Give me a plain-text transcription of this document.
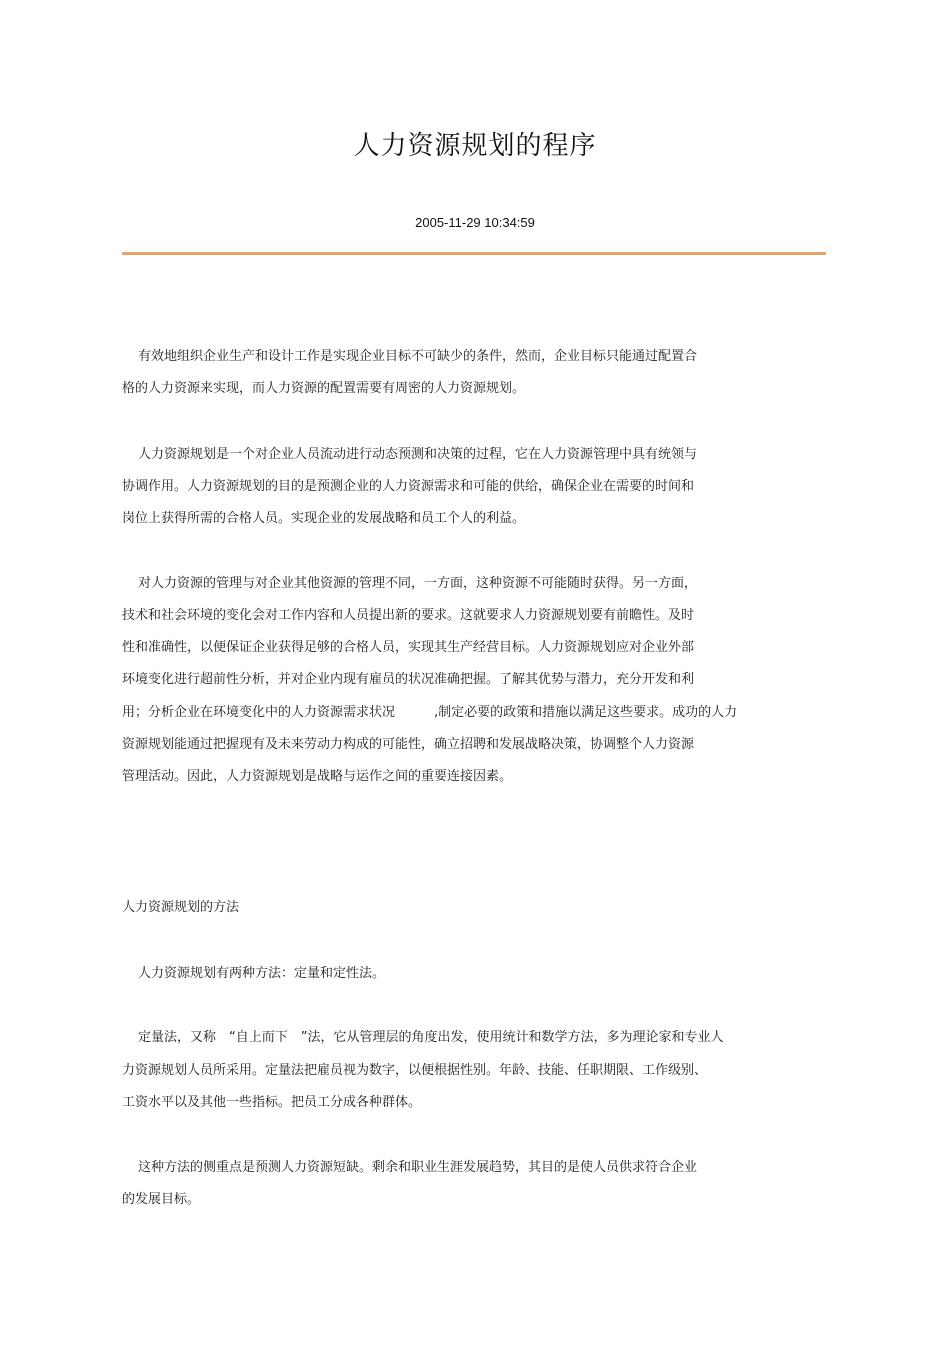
人力资源规划的程序
2005-11-29 10:34:59
有效地组织企业生产和设计工作是实现企业目标不可缺少的条件，然而，企业目标只能通过配置合
格的人力资源来实现，而人力资源的配置需要有周密的人力资源规划。
人力资源规划是一个对企业人员流动进行动态预测和决策的过程，它在人力资源管理中具有统领与
协调作用。人力资源规划的目的是预测企业的人力资源需求和可能的供给，确保企业在需要的时间和
岗位上获得所需的合格人员。实现企业的发展战略和员工个人的利益。
对人力资源的管理与对企业其他资源的管理不同，一方面，这种资源不可能随时获得。另一方面，
技术和社会环境的变化会对工作内容和人员提出新的要求。这就要求人力资源规划要有前瞻性。及时
性和准确性，以便保证企业获得足够的合格人员，实现其生产经营目标。人力资源规划应对企业外部
环境变化进行超前性分析，并对企业内现有雇员的状况准确把握。了解其优势与潜力，充分开发和利
用；分析企业在环境变化中的人力资源需求状况　　　,制定必要的政策和措施以满足这些要求。成功的人力
资源规划能通过把握现有及未来劳动力构成的可能性，确立招聘和发展战略决策，协调整个人力资源
管理活动。因此，人力资源规划是战略与运作之间的重要连接因素。
人力资源规划的方法
人力资源规划有两种方法：定量和定性法。
定量法，又称　“自上而下　”法，它从管理层的角度出发，使用统计和数学方法，多为理论家和专业人
力资源规划人员所采用。定量法把雇员视为数字，以便根据性别。年龄、技能、任职期限、工作级别、
工资水平以及其他一些指标。把员工分成各种群体。
这种方法的侧重点是预测人力资源短缺。剩余和职业生涯发展趋势，其目的是使人员供求符合企业
的发展目标。
